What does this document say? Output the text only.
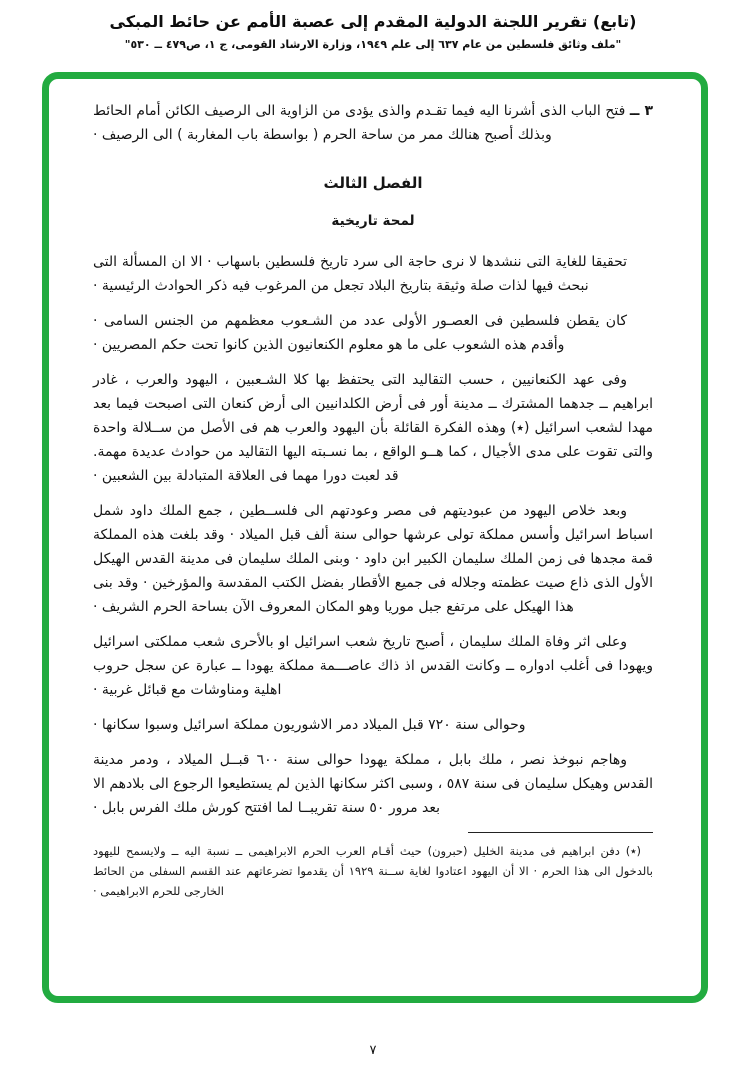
(تابع) تقرير اللجنة الدولية المقدم إلى عصبة الأمم عن حائط المبكى
"ملف وثائق فلسطين من عام ٦٣٧ إلى علم ١٩٤٩، وزارة الارشاد القومى، ج ١، ص٤٧٩ ــ ٥٣٠"

٣ ــ فتح الباب الذى أشرنا اليه فيما تقـدم والذى يؤدى من الزاوية الى الرصيف الكائن أمام الحائط وبذلك أصبح هنالك ممر من ساحة الحرم ( بواسطة باب المغاربة ) الى الرصيف ·

الفصل الثالث
لمحة تاريخية

تحقيقا للغاية التى ننشدها لا نرى حاجة الى سرد تاريخ فلسطين باسهاب · الا ان المسألة التى نبحث فيها لذات صلة وثيقة بتاريخ البلاد تجعل من المرغوب فيه ذكر الحوادث الرئيسية ·

كان يقطن فلسطين فى العصـور الأولى عدد من الشـعوب معظمهم من الجنس السامى · وأقدم هذه الشعوب على ما هو معلوم الكنعانيون الذين كانوا تحت حكم المصريين ·

وفى عهد الكنعانيين ، حسب التقاليد التى يحتفظ بها كلا الشـعبين ، اليهود والعرب ، غادر ابراهيم ــ جدهما المشترك ــ مدينة أور فى أرض الكلدانيين الى أرض كنعان التى اصبحت فيما بعد مهدا لشعب اسرائيل (٭) وهذه الفكرة القائلة بأن اليهود والعرب هم فى الأصل من ســلالة واحدة والتى تقوت على مدى الأجيال ، كما هــو الواقع ، بما نسـبته اليها التقاليد من حوادث عديدة مهمة. قد لعبت دورا مهما فى العلاقة المتبادلة بين الشعبين ·

وبعد خلاص اليهود من عبوديتهم فى مصر وعودتهم الى فلســطين ، جمع الملك داود شمل اسباط اسرائيل وأسس مملكة تولى عرشها حوالى سنة ألف قبل الميلاد · وقد بلغت هذه المملكة قمة مجدها فى زمن الملك سليمان الكبير ابن داود · وبنى الملك سليمان فى مدينة القدس الهيكل الأول الذى ذاع صيت عظمته وجلاله فى جميع الأقطار بفضل الكتب المقدسة والمؤرخين · وقد بنى هذا الهيكل على مرتفع جبل موريا وهو المكان المعروف الآن بساحة الحرم الشريف ·

وعلى اثر وفاة الملك سليمان ، أصبح تاريخ شعب اسرائيل او بالأحرى شعب مملكتى اسرائيل ويهودا فى أغلب ادواره ــ وكانت القدس اذ ذاك عاصـــمة مملكة يهودا ــ عبارة عن سجل حروب اهلية ومناوشات مع قبائل غربية ·

وحوالى سنة ٧٢٠ قبل الميلاد دمر الاشوريون مملكة اسرائيل وسبوا سكانها ·

وهاجم نبوخذ نصر ، ملك بابل ، مملكة يهودا حوالى سنة ٦٠٠ قبــل الميلاد ، ودمر مدينة القدس وهيكل سليمان فى سنة ٥٨٧ ، وسبى اكثر سكانها الذين لم يستطيعوا الرجوع الى بلادهم الا بعد مرور ٥٠ سنة تقريبــا لما افتتح كورش ملك الفرس بابل ·

(٭) دفن ابراهيم فى مدينة الخليل (حبرون) حيث أقـام العرب الحرم الابراهيمى ــ نسبة اليه ــ ولايسمح لليهود بالدخول الى هذا الحرم · الا أن اليهود اعتادوا لغاية ســنة ١٩٢٩ أن يقدموا تضرعاتهم عند القسم السفلى من الحائط الخارجى للحرم الابراهيمى ·

٧
